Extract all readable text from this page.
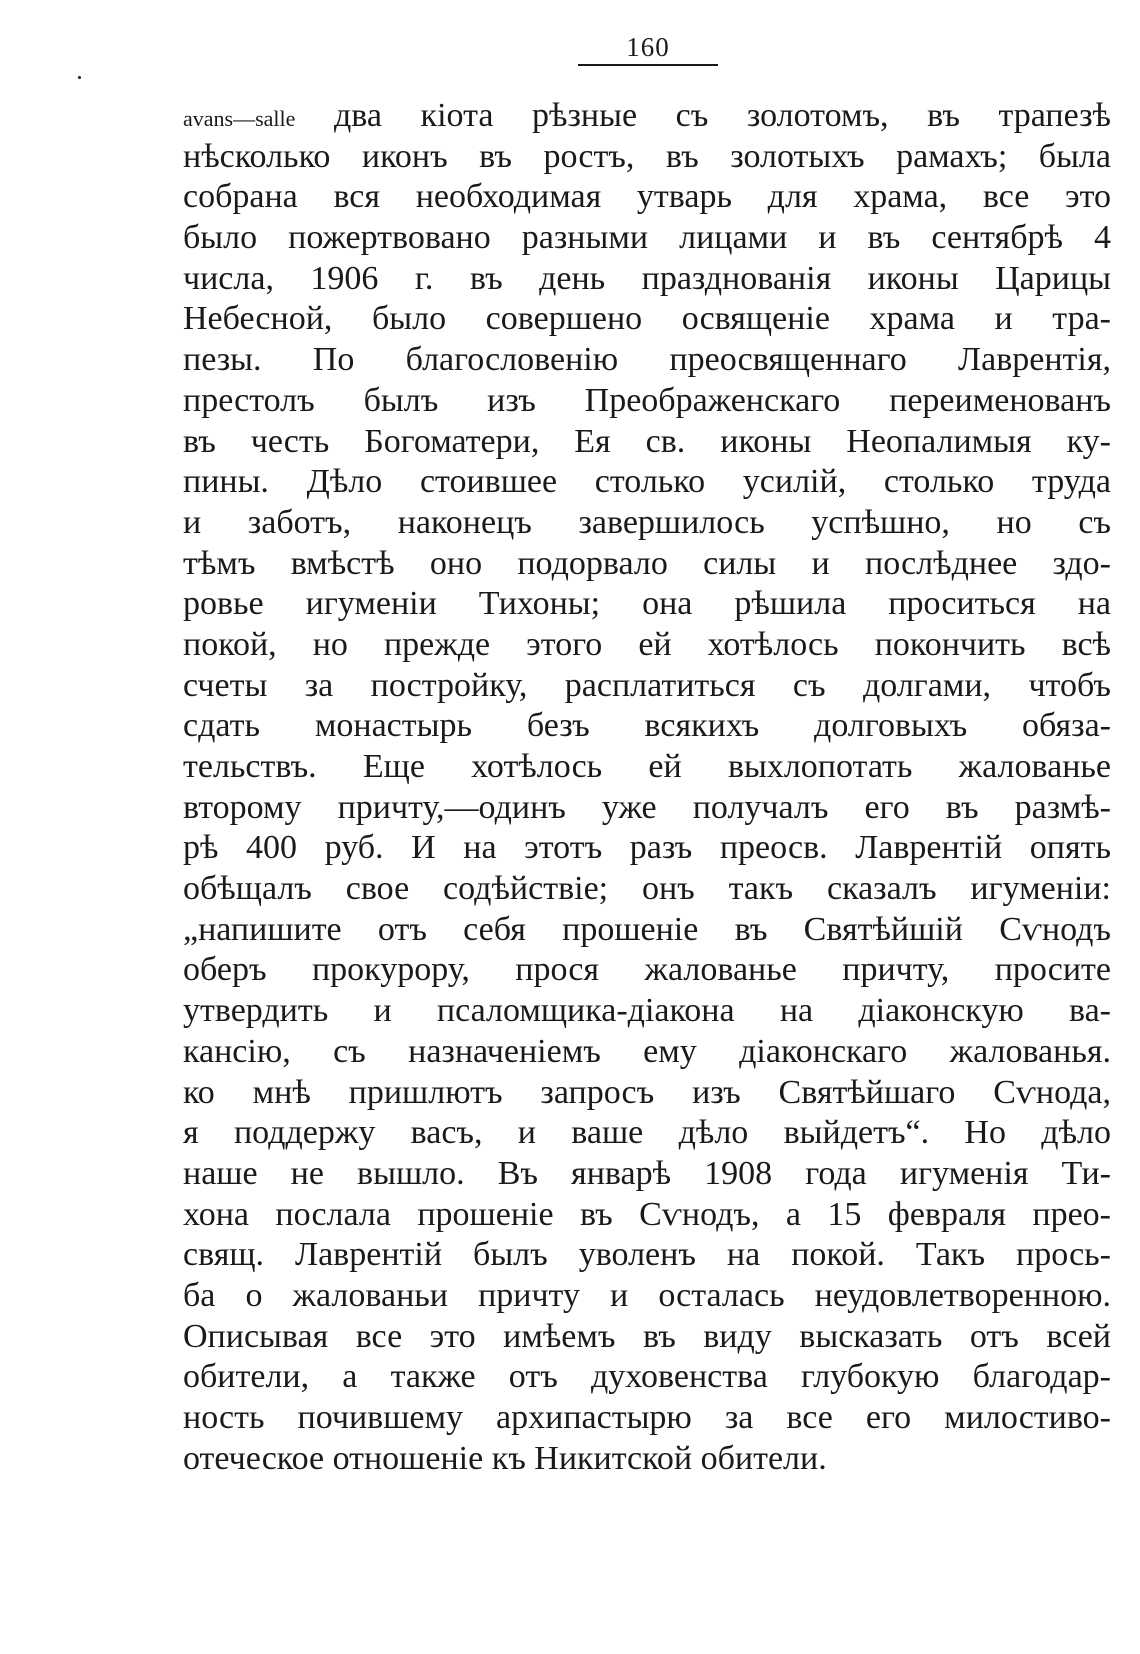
160
avans—salle два кіота рѣзные съ золотомъ, въ трапезѣ
нѣсколько иконъ въ ростъ, въ золотыхъ рамахъ; была
собрана вся необходимая утварь для храма, все это
было пожертвовано разными лицами и въ сентябрѣ 4
числа, 1906 г. въ день празднованія иконы Царицы
Небесной, было совершено освященіе храма и тра-
пезы. По благословенію преосвященнаго Лаврентія,
престолъ былъ изъ Преображенскаго переименованъ
въ честь Богоматери, Ея св. иконы Неопалимыя ку-
пины. Дѣло стоившее столько усилій, столько труда
и заботъ, наконецъ завершилось успѣшно, но съ
тѣмъ вмѣстѣ оно подорвало силы и послѣднее здо-
ровье игуменіи Тихоны; она рѣшила проситься на
покой, но прежде этого ей хотѣлось покончить всѣ
счеты за постройку, расплатиться съ долгами, чтобъ
сдать монастырь безъ всякихъ долговыхъ обяза-
тельствъ. Еще хотѣлось ей выхлопотать жалованье
второму причту,—одинъ уже получалъ его въ размѣ-
рѣ 400 руб. И на этотъ разъ преосв. Лаврентій опять
обѣщалъ свое содѣйствіе; онъ такъ сказалъ игуменіи:
„напишите отъ себя прошеніе въ Святѣйшій Сѵнодъ
оберъ прокурору, прося жалованье причту, просите
утвердить и псаломщика-діакона на діаконскую ва-
кансію, съ назначеніемъ ему діаконскаго жалованья.
ко мнѣ пришлютъ запросъ изъ Святѣйшаго Сѵнода,
я поддержу васъ, и ваше дѣло выйдетъ“. Но дѣло
наше не вышло. Въ январѣ 1908 года игуменія Ти-
хона послала прошеніе въ Сѵнодъ, а 15 февраля прео-
свящ. Лаврентій былъ уволенъ на покой. Такъ прось-
ба о жалованьи причту и осталась неудовлетворенною.
Описывая все это имѣемъ въ виду высказать отъ всей
обители, а также отъ духовенства глубокую благодар-
ность почившему архипастырю за все его милостиво-
отеческое отношеніе къ Никитской обители.
